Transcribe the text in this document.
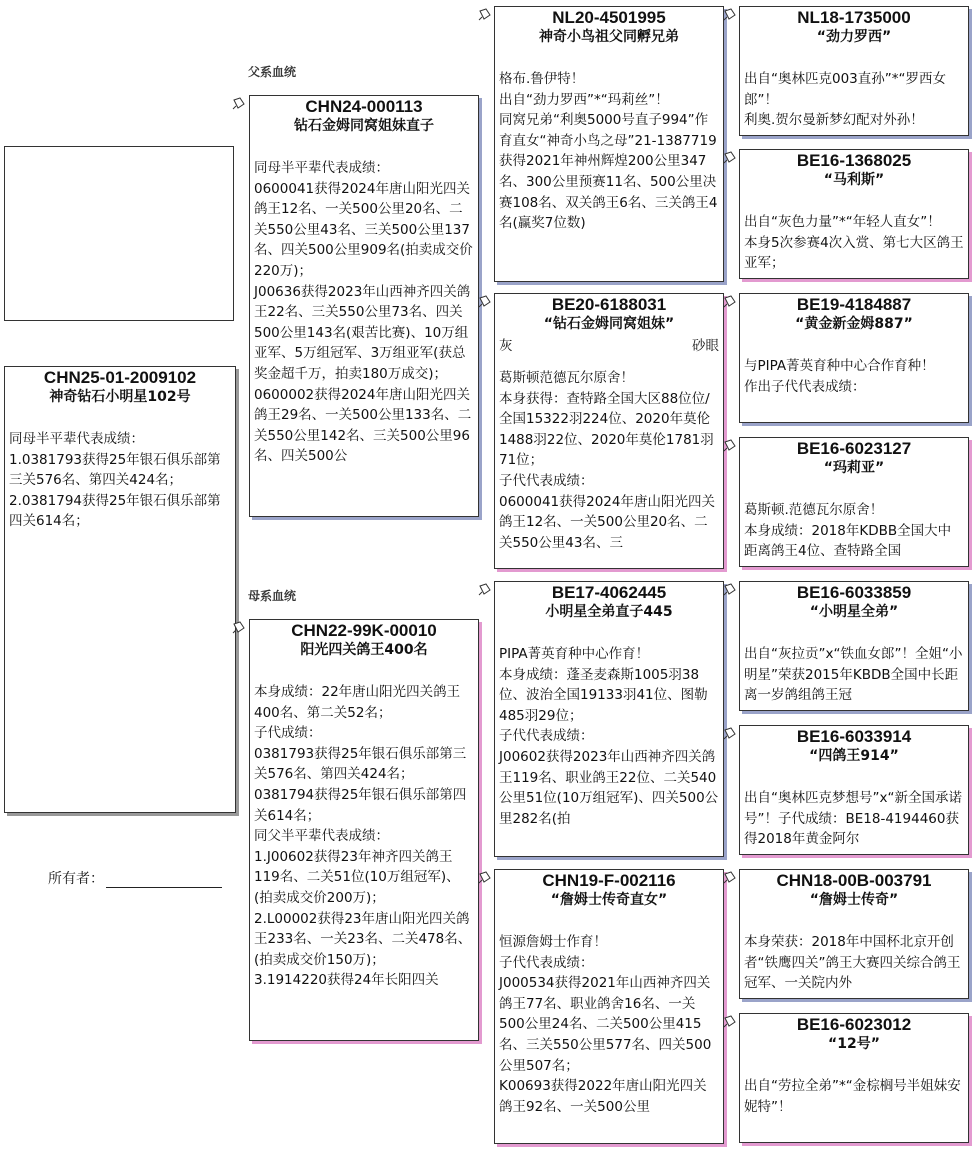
CHN25-01-2009102
神奇钻石小明星102号
同母半平辈代表成绩：
1.0381793获得25年银石俱乐部第三关576名、第四关424名；
2.0381794获得25年银石俱乐部第四关614名；
所有者：
父系血统
母系血统
CHN24-000113
钻石金姆同窝姐妹直子
同母半平辈代表成绩：
0600041获得2024年唐山阳光四关鸽王12名、一关500公里20名、二关550公里43名、三关500公里137名、四关500公里909名(拍卖成交价220万)；
J00636获得2023年山西神齐四关鸽王22名、三关550公里73名、四关500公里143名(艰苦比赛)、10万组亚军、5万组冠军、3万组亚军(获总奖金超千万，拍卖180万成交)；
0600002获得2024年唐山阳光四关鸽王29名、一关500公里133名、二关550公里142名、三关500公里96名、四关500公
CHN22-99K-00010
阳光四关鸽王400名
本身成绩：22年唐山阳光四关鸽王400名、第二关52名；
子代成绩：
0381793获得25年银石俱乐部第三关576名、第四关424名；
0381794获得25年银石俱乐部第四关614名；
同父半平辈代表成绩：
1.J00602获得23年神齐四关鸽王119名、二关51位(10万组冠军)、(拍卖成交价200万)；
2.L00002获得23年唐山阳光四关鸽王233名、一关23名、二关478名、(拍卖成交价150万)；
3.1914220获得24年长阳四关
NL20-4501995
神奇小鸟祖父同孵兄弟
格布.鲁伊特！
出自“劲力罗西”*“玛莉丝”！
同窝兄弟“利奥5000号直子994”作育直女“神奇小鸟之母”21-1387719获得2021年神州辉煌200公里347名、300公里预赛11名、500公里决赛108名、双关鸽王6名、三关鸽王4名(赢奖7位数)
BE20-6188031
“钻石金姆同窝姐妹”
灰	砂眼
葛斯顿范德瓦尔原舍！
本身获得：查特路全国大区88位位/全国15322羽224位、2020年莫伦1488羽22位、2020年莫伦1781羽71位；
子代代表成绩：
0600041获得2024年唐山阳光四关鸽王12名、一关500公里20名、二关550公里43名、三
BE17-4062445
小明星全弟直子445
PIPA菁英育种中心作育！
本身成绩：蓬圣麦森斯1005羽38位、波治全国19133羽41位、图勒485羽29位；
子代代表成绩：
J00602获得2023年山西神齐四关鸽王119名、职业鸽王22位、二关540公里51位(10万组冠军)、四关500公里282名(拍
CHN19-F-002116
“詹姆士传奇直女”
恒源詹姆士作育！
子代代表成绩：
J000534获得2021年山西神齐四关鸽王77名、职业鸽舍16名、一关500公里24名、二关500公里415名、三关550公里577名、四关500公里507名；
K00693获得2022年唐山阳光四关鸽王92名、一关500公里
NL18-1735000
“劲力罗西”
出自“奥林匹克003直孙”*“罗西女郎”！
利奥.贺尔曼新梦幻配对外孙！
BE16-1368025
“马利斯”
出自“灰色力量”*“年轻人直女”！
本身5次参赛4次入赏、第七大区鸽王亚军；
BE19-4184887
“黄金新金姆887”
与PIPA菁英育种中心合作育种！
作出子代代表成绩：
BE16-6023127
“玛莉亚”
葛斯顿.范德瓦尔原舍！
本身成绩：2018年KDBB全国大中距离鸽王4位、查特路全国
BE16-6033859
“小明星全弟”
出自“灰拉贡”x“铁血女郎”！全姐“小明星”荣获2015年KBDB全国中长距离一岁鸽组鸽王冠
BE16-6033914
“四鸽王914”
出自“奥林匹克梦想号”x“新全国承诺号”！子代成绩：BE18-4194460获得2018年黄金阿尔
CHN18-00B-003791
“詹姆士传奇”
本身荣获：2018年中国杯北京开创者“铁鹰四关”鸽王大赛四关综合鸽王冠军、一关院内外
BE16-6023012
“12号”
出自“劳拉全弟”*“金棕榈号半姐妹安妮特”！
